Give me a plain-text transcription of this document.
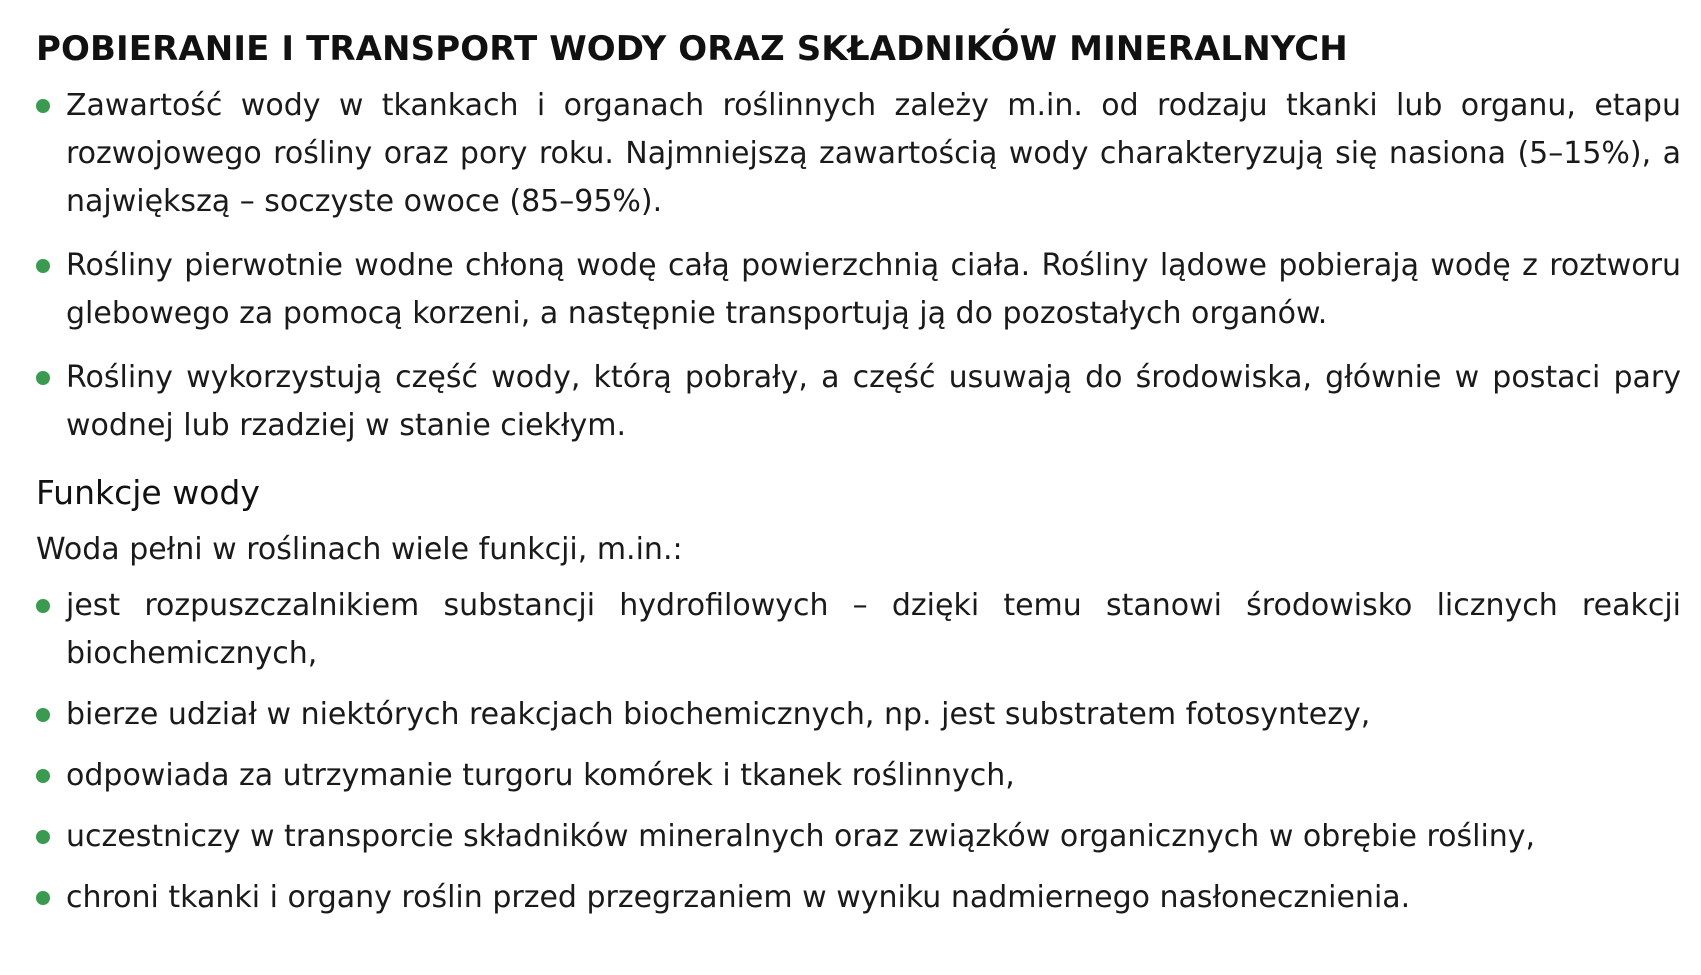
POBIERANIE I TRANSPORT WODY ORAZ SKŁADNIKÓW MINERALNYCH
Zawartość wody w tkankach i organach roślinnych zależy m.in. od rodzaju tkanki lub organu, etapu rozwojowego rośliny oraz pory roku. Najmniejszą zawartością wody charakteryzują się nasiona (5–15%), a największą – soczyste owoce (85–95%).
Rośliny pierwotnie wodne chłoną wodę całą powierzchnią ciała. Rośliny lądowe pobierają wodę z roztworu glebowego za pomocą korzeni, a następnie transportują ją do pozostałych organów.
Rośliny wykorzystują część wody, którą pobrały, a część usuwają do środowiska, głównie w postaci pary wodnej lub rzadziej w stanie ciekłym.
Funkcje wody

Woda pełni w roślinach wiele funkcji, m.in.:

jest rozpuszczalnikiem substancji hydrofilowych – dzięki temu stanowi środowisko licznych reakcji biochemicznych,
bierze udział w niektórych reakcjach biochemicznych, np. jest substratem fotosyntezy,
odpowiada za utrzymanie turgoru komórek i tkanek roślinnych,
uczestniczy w transporcie składników mineralnych oraz związków organicznych w obrębie rośliny,
chroni tkanki i organy roślin przed przegrzaniem w wyniku nadmiernego nasłonecznienia.
